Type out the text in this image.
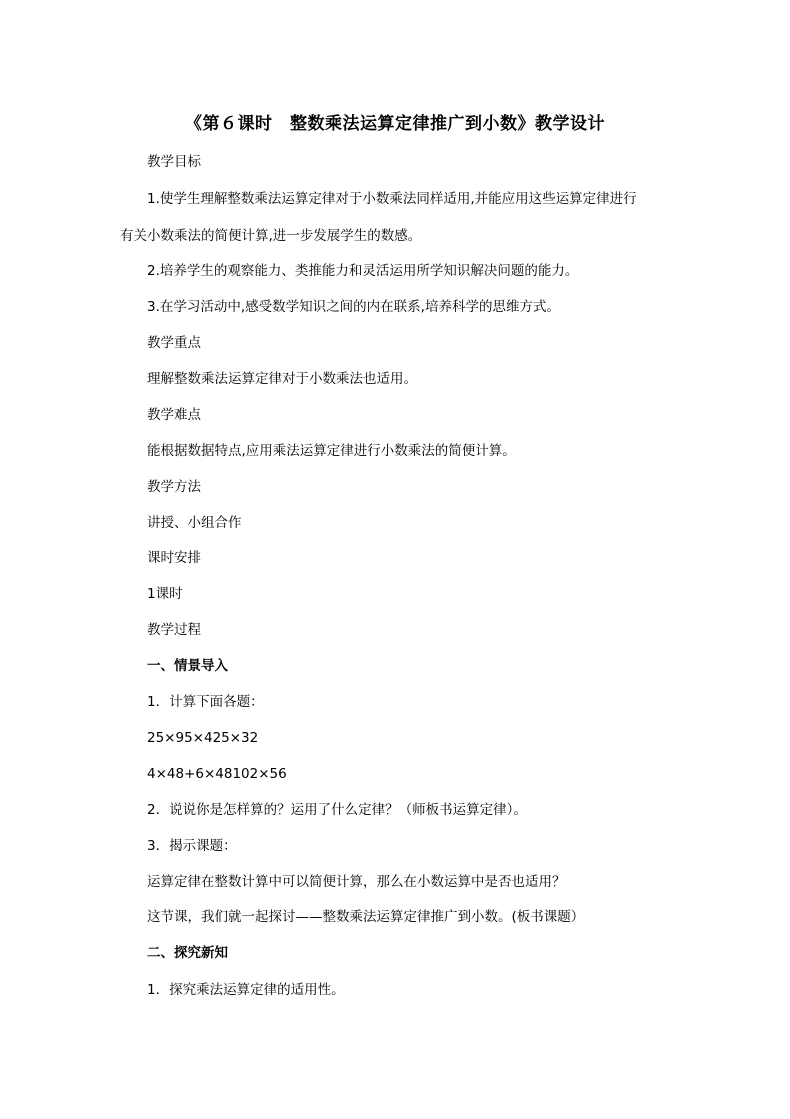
《第６课时　整数乘法运算定律推广到小数》教学设计
教学目标
1.使学生理解整数乘法运算定律对于小数乘法同样适用,并能应用这些运算定律进行
有关小数乘法的简便计算,进一步发展学生的数感。
2.培养学生的观察能力、类推能力和灵活运用所学知识解决问题的能力。
3.在学习活动中,感受数学知识之间的内在联系,培养科学的思维方式。
教学重点
理解整数乘法运算定律对于小数乘法也适用。
教学难点
能根据数据特点,应用乘法运算定律进行小数乘法的简便计算。
教学方法
讲授、小组合作
课时安排
1课时
教学过程
一、情景导入
1．计算下面各题：
25×95×425×32
4×48+6×48102×56
2．说说你是怎样算的？运用了什么定律？（师板书运算定律）。
3．揭示课题：
运算定律在整数计算中可以简便计算，那么在小数运算中是否也适用？
这节课，我们就一起探讨——整数乘法运算定律推广到小数。(板书课题）
二、探究新知
1．探究乘法运算定律的适用性。
